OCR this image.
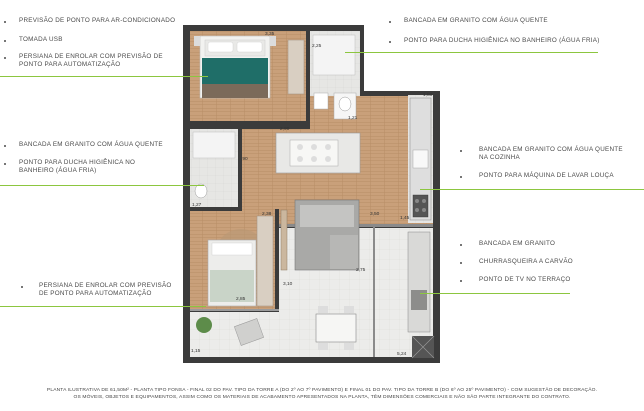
PREVISÃO DE PONTO PARA AR-CONDICIONADO
TOMADA USB
PERSIANA DE ENROLAR COM PREVISÃO DE PONTO PARA AUTOMATIZAÇÃO
BANCADA EM GRANITO COM ÁGUA QUENTE
PONTO PARA DUCHA HIGIÊNICA NO BANHEIRO (ÁGUA FRIA)
PERSIANA DE ENROLAR COM PREVISÃO DE PONTO PARA AUTOMATIZAÇÃO
BANCADA EM GRANITO COM ÁGUA QUENTE
PONTO PARA DUCHA HIGIÊNICA NO BANHEIRO (ÁGUA FRIA)
BANCADA EM GRANITO COM ÁGUA QUENTE NA COZINHA
PONTO PARA MÁQUINA DE LAVAR LOUÇA
BANCADA EM GRANITO
CHURRASQUEIRA A CARVÃO
PONTO DE TV NO TERRAÇO
3,35
2,25
1,21
1,88
2,90
,90
1,27
2,38	3,50
1,45
2,75
3,10
2,85
5,24
1,15
PLANTA ILUSTRATIVA DE 61,50M² - PLANTA TIPO FONSA - FINAL 02 DO PAV. TIPO DA TORRE A (DO 2º AO 7º PAVIMENTO) E FINAL 01 DO PAV. TIPO DA TORRE B (DO 6º AO 25º PAVIMENTO) - COM SUGESTÃO DE DECORAÇÃO.
OS MÓVEIS, OBJETOS E EQUIPAMENTOS, ASSIM COMO OS MATERIAIS DE ACABAMENTO APRESENTADOS NA PLANTA, TÊM DIMENSÕES COMERCIAIS E NÃO SÃO PARTE INTEGRANTE DO CONTRATO.
